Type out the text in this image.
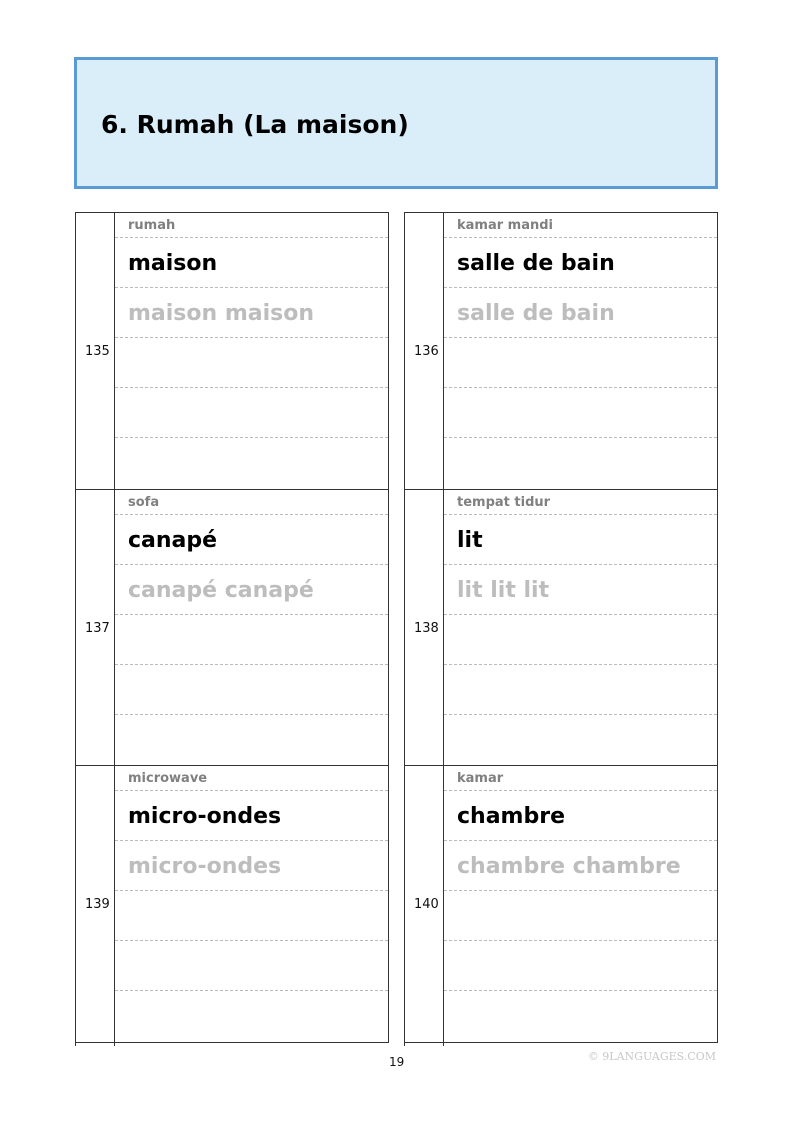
6. Rumah (La maison)
135
rumah
maison
maison maison
136
kamar mandi
salle de bain
salle de bain
137
sofa
canapé
canapé canapé
138
tempat tidur
lit
lit lit lit
139
microwave
micro-ondes
micro-ondes
140
kamar
chambre
chambre chambre
19	© 9LANGUAGES.COM
